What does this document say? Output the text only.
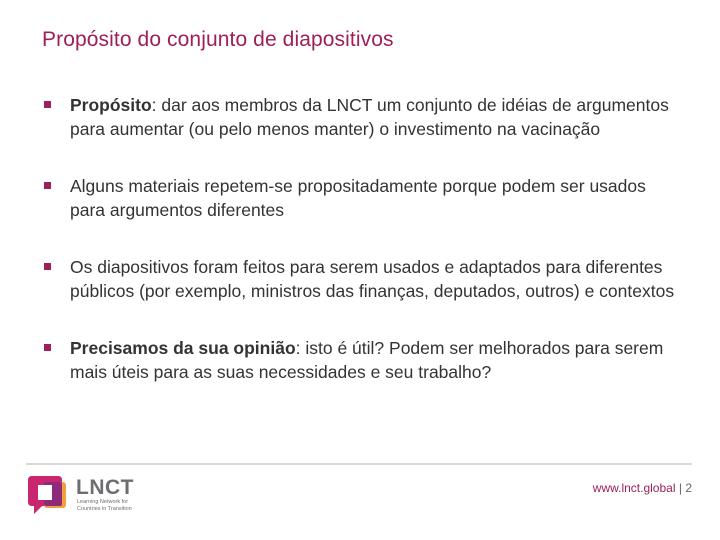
Propósito do conjunto de diapositivos
Propósito: dar aos membros da LNCT um conjunto de idéias de argumentos para aumentar (ou pelo menos manter) o investimento na vacinação
Alguns materiais repetem-se propositadamente porque podem ser usados para argumentos diferentes
Os diapositivos foram feitos para serem usados e adaptados para diferentes públicos (por exemplo, ministros das finanças, deputados, outros) e contextos
Precisamos da sua opinião: isto é útil? Podem ser melhorados para serem mais úteis para as suas necessidades e seu trabalho?
LNCT
Learning Network for
Countries in Transition
www.lnct.global | 2
